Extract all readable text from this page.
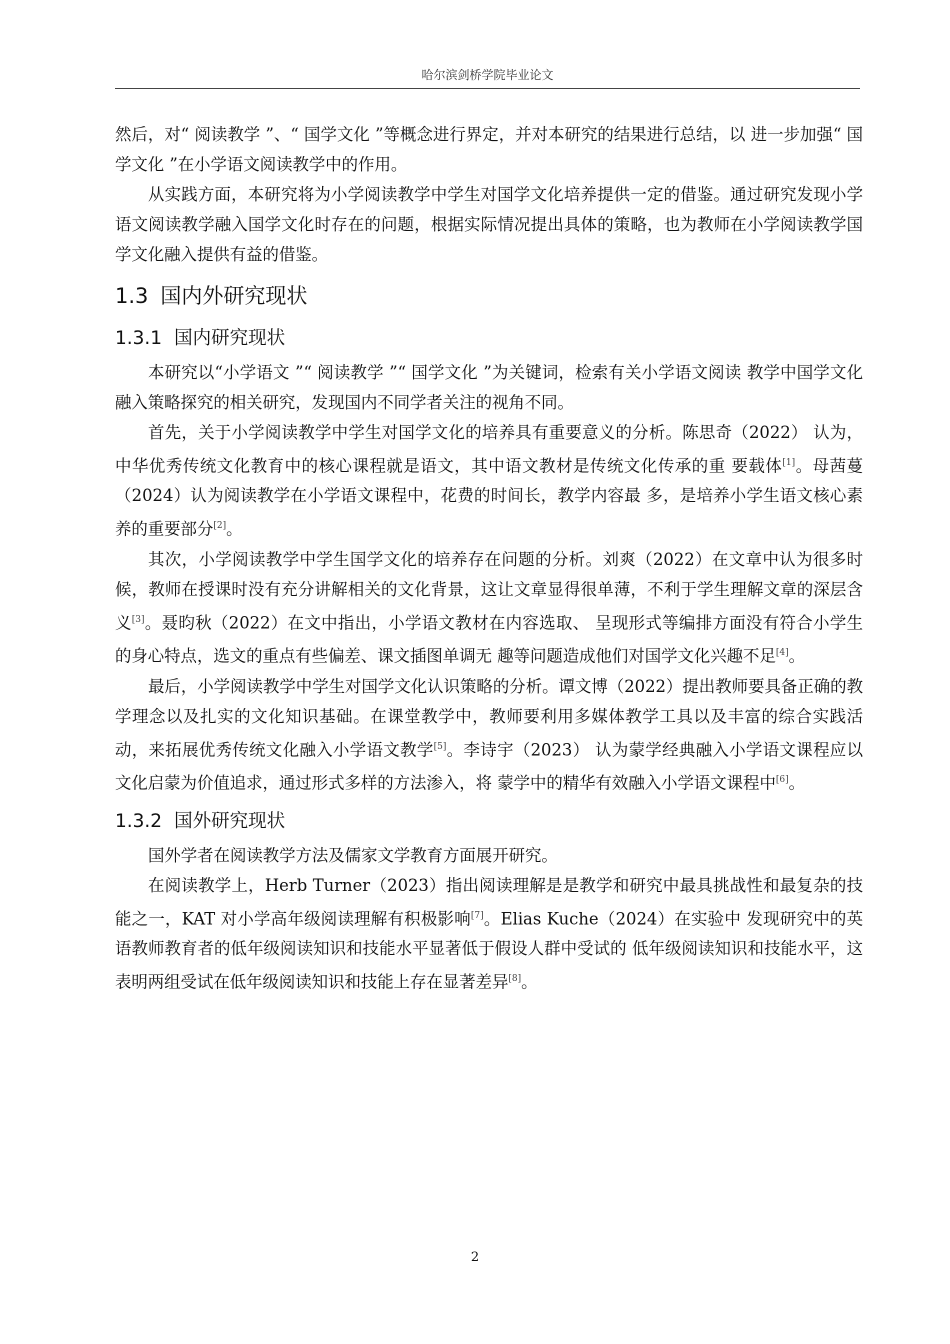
哈尔滨剑桥学院毕业论文

然后，对“ 阅读教学 ”、“ 国学文化 ”等概念进行界定，并对本研究的结果进行总结，以 进一步加强“ 国学文化 ”在小学语文阅读教学中的作用。

从实践方面，本研究将为小学阅读教学中学生对国学文化培养提供一定的借鉴。通过研究发现小学语文阅读教学融入国学文化时存在的问题，根据实际情况提出具体的策略，也为教师在小学阅读教学国学文化融入提供有益的借鉴。

1.3 国内外研究现状
1.3.1 国内研究现状

本研究以“小学语文 ”“ 阅读教学 ”“ 国学文化 ”为关键词，检索有关小学语文阅读 教学中国学文化融入策略探究的相关研究，发现国内不同学者关注的视角不同。

首先，关于小学阅读教学中学生对国学文化的培养具有重要意义的分析。陈思奇（2022） 认为，中华优秀传统文化教育中的核心课程就是语文，其中语文教材是传统文化传承的重 要载体[1]。母茜蔓（2024）认为阅读教学在小学语文课程中，花费的时间长，教学内容最 多，是培养小学生语文核心素养的重要部分[2]。

其次，小学阅读教学中学生国学文化的培养存在问题的分析。刘爽（2022）在文章中认为很多时候，教师在授课时没有充分讲解相关的文化背景，这让文章显得很单薄，不利于学生理解文章的深层含义[3]。聂昀秋（2022）在文中指出，小学语文教材在内容选取、 呈现形式等编排方面没有符合小学生的身心特点，选文的重点有些偏差、课文插图单调无 趣等问题造成他们对国学文化兴趣不足[4]。

最后，小学阅读教学中学生对国学文化认识策略的分析。谭文博（2022）提出教师要具备正确的教学理念以及扎实的文化知识基础。在课堂教学中，教师要利用多媒体教学工具以及丰富的综合实践活动，来拓展优秀传统文化融入小学语文教学[5]。李诗宇（2023） 认为蒙学经典融入小学语文课程应以文化启蒙为价值追求，通过形式多样的方法渗入，将 蒙学中的精华有效融入小学语文课程中[6]。

1.3.2 国外研究现状

国外学者在阅读教学方法及儒家文学教育方面展开研究。

在阅读教学上，Herb Turner（2023）指出阅读理解是是教学和研究中最具挑战性和最复杂的技能之一，KAT 对小学高年级阅读理解有积极影响[7]。Elias Kuche（2024）在实验中 发现研究中的英语教师教育者的低年级阅读知识和技能水平显著低于假设人群中受试的 低年级阅读知识和技能水平，这表明两组受试在低年级阅读知识和技能上存在显著差异[8]。

2
